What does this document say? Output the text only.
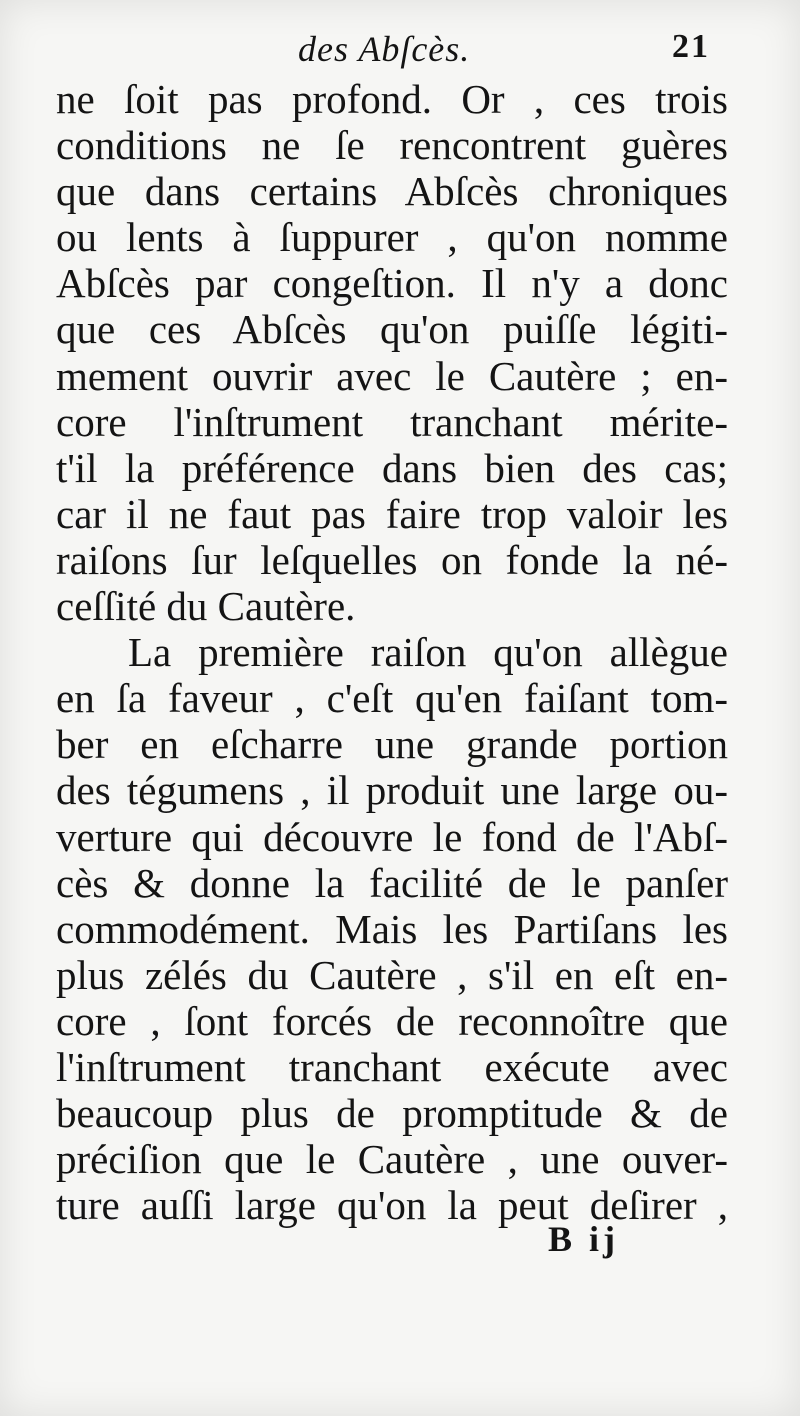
des Abſcès.	21
ne ſoit pas profond. Or , ces trois
conditions ne ſe rencontrent guères
que dans certains Abſcès chroniques
ou lents à ſuppurer , qu'on nomme
Abſcès par congeſtion. Il n'y a donc
que ces Abſcès qu'on puiſſe légiti-
mement ouvrir avec le Cautère ; en-
core l'inſtrument tranchant mérite-
t'il la préférence dans bien des cas;
car il ne faut pas faire trop valoir les
raiſons ſur leſquelles on fonde la né-
ceſſité du Cautère.
La première raiſon qu'on allègue
en ſa faveur , c'eſt qu'en faiſant tom-
ber en eſcharre une grande portion
des tégumens , il produit une large ou-
verture qui découvre le fond de l'Abſ-
cès & donne la facilité de le panſer
commodément. Mais les Partiſans les
plus zélés du Cautère , s'il en eſt en-
core , ſont forcés de reconnoître que
l'inſtrument tranchant exécute avec
beaucoup plus de promptitude & de
préciſion que le Cautère , une ouver-
ture auſſi large qu'on la peut deſirer ,
B ij
